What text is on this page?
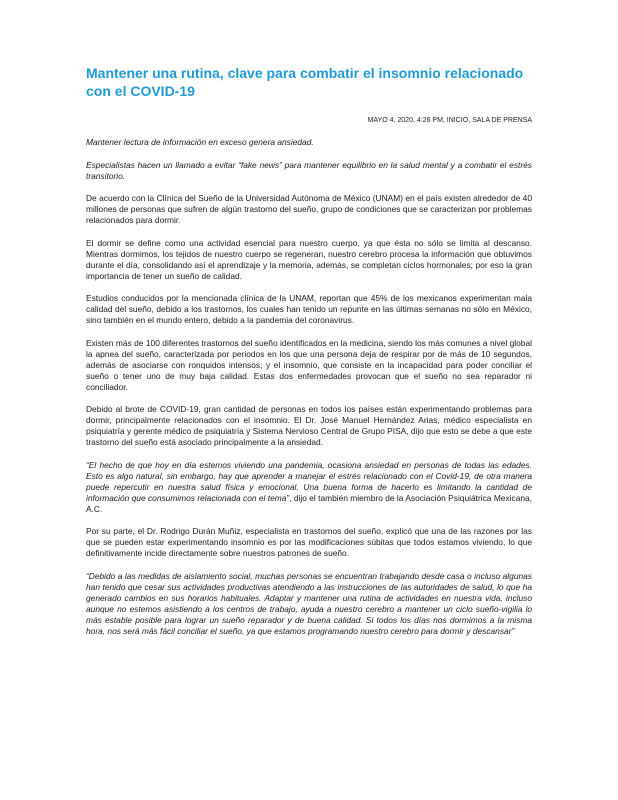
Mantener una rutina, clave para combatir el insomnio relacionado con el COVID-19
MAYO 4, 2020, 4:26 PM, INICIO, SALA DE PRENSA

Mantener lectura de información en exceso genera ansiedad.

Especialistas hacen un llamado a evitar “fake news” para mantener equilibrio en la salud mental y a combatir el estrés transitorio.

De acuerdo con la Clínica del Sueño de la Universidad Autónoma de México (UNAM) en el país existen alrededor de 40 millones de personas que sufren de algún trastorno del sueño, grupo de condiciones que se caracterizan por problemas relacionados para dormir.

El dormir se define como una actividad esencial para nuestro cuerpo, ya que ésta no sólo se limita al descanso. Mientras dormimos, los tejidos de nuestro cuerpo se regeneran, nuestro cerebro procesa la información que obtuvimos durante el día, consolidando así el aprendizaje y la memoria, además, se completan ciclos hormonales; por eso la gran importancia de tener un sueño de calidad.

Estudios conducidos por la mencionada clínica de la UNAM, reportan que 45% de los mexicanos experimentan mala calidad del sueño, debido a los trastornos, los cuales han tenido un repunte en las últimas semanas no sólo en México, sino también en el mundo entero, debido a la pandemia del coronavirus.

Existen más de 100 diferentes trastornos del sueño identificados en la medicina, siendo los más comunes a nivel global la apnea del sueño, caracterizada por periodos en los que una persona deja de respirar por de más de 10 segundos, además de asociarse con ronquidos intensos; y el insomnio, que consiste en la incapacidad para poder conciliar el sueño o tener uno de muy baja calidad. Estas dos enfermedades provocan que el sueño no sea reparador ni conciliador.

Debido al brote de COVID-19, gran cantidad de personas en todos los países están experimentando problemas para dormir, principalmente relacionados con el insomnio. El Dr. José Manuel Hernández Arias, médico especialista en psiquiatría y gerente médico de psiquiatría y Sistema Nervioso Central de Grupo PISA, dijo que esto se debe a que este trastorno del sueño está asociado principalmente a la ansiedad.

“El hecho de que hoy en día estemos viviendo una pandemia, ocasiona ansiedad en personas de todas las edades. Esto es algo natural, sin embargo, hay que aprender a manejar el estrés relacionado con el Covid-19, de otra manera puede repercutir en nuestra salud física y emocional. Una buena forma de hacerlo es limitando la cantidad de información que consumimos relacionada con el tema”, dijo el también miembro de la Asociación Psiquiátrica Mexicana, A.C.

Por su parte, el Dr. Rodrigo Durán Muñiz, especialista en trastornos del sueño, explicó que una de las razones por las que se pueden estar experimentando insomnio es por las modificaciones súbitas que todos estamos viviendo, lo que definitivamente incide directamente sobre nuestros patrones de sueño.

“Debido a las medidas de aislamiento social, muchas personas se encuentran trabajando desde casa o incluso algunas han tenido que cesar sus actividades productivas atendiendo a las instrucciones de las autoridades de salud, lo que ha generado cambios en sus horarios habituales. Adaptar y mantener una rutina de actividades en nuestra vida, incluso aunque no estemos asistiendo a los centros de trabajo, ayuda a nuestro cerebro a mantener un ciclo sueño-vigilia lo más estable posible para lograr un sueño reparador y de buena calidad. Si todos los días nos dormimos a la misma hora, nos será más fácil conciliar el sueño, ya que estamos programando nuestro cerebro para dormir y descansar”
